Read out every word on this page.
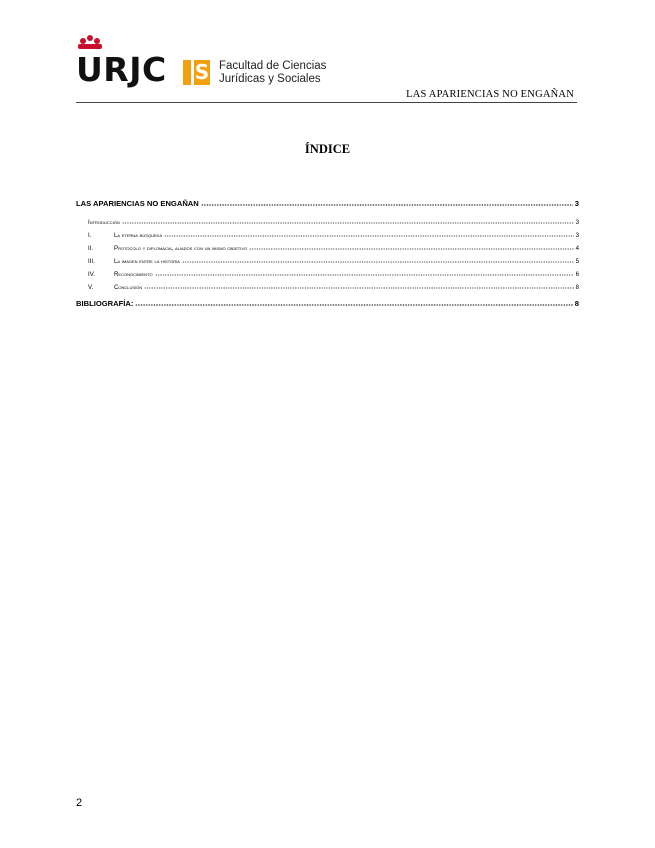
URJC S Facultad de Ciencias
Jurídicas y Sociales
LAS APARIENCIAS NO ENGAÑAN
ÍNDICE
LAS APARIENCIAS NO ENGAÑAN	3
Introducción	3
I.	La eterna búsqueda	3
II.	Protocolo y diplomacia, aliados con un mismo objetivo	4
III.	La imagen entre la historia	5
IV.	Reconocimiento	6
V.	Conclusión	8
BIBLIOGRAFÍA:	8
2
